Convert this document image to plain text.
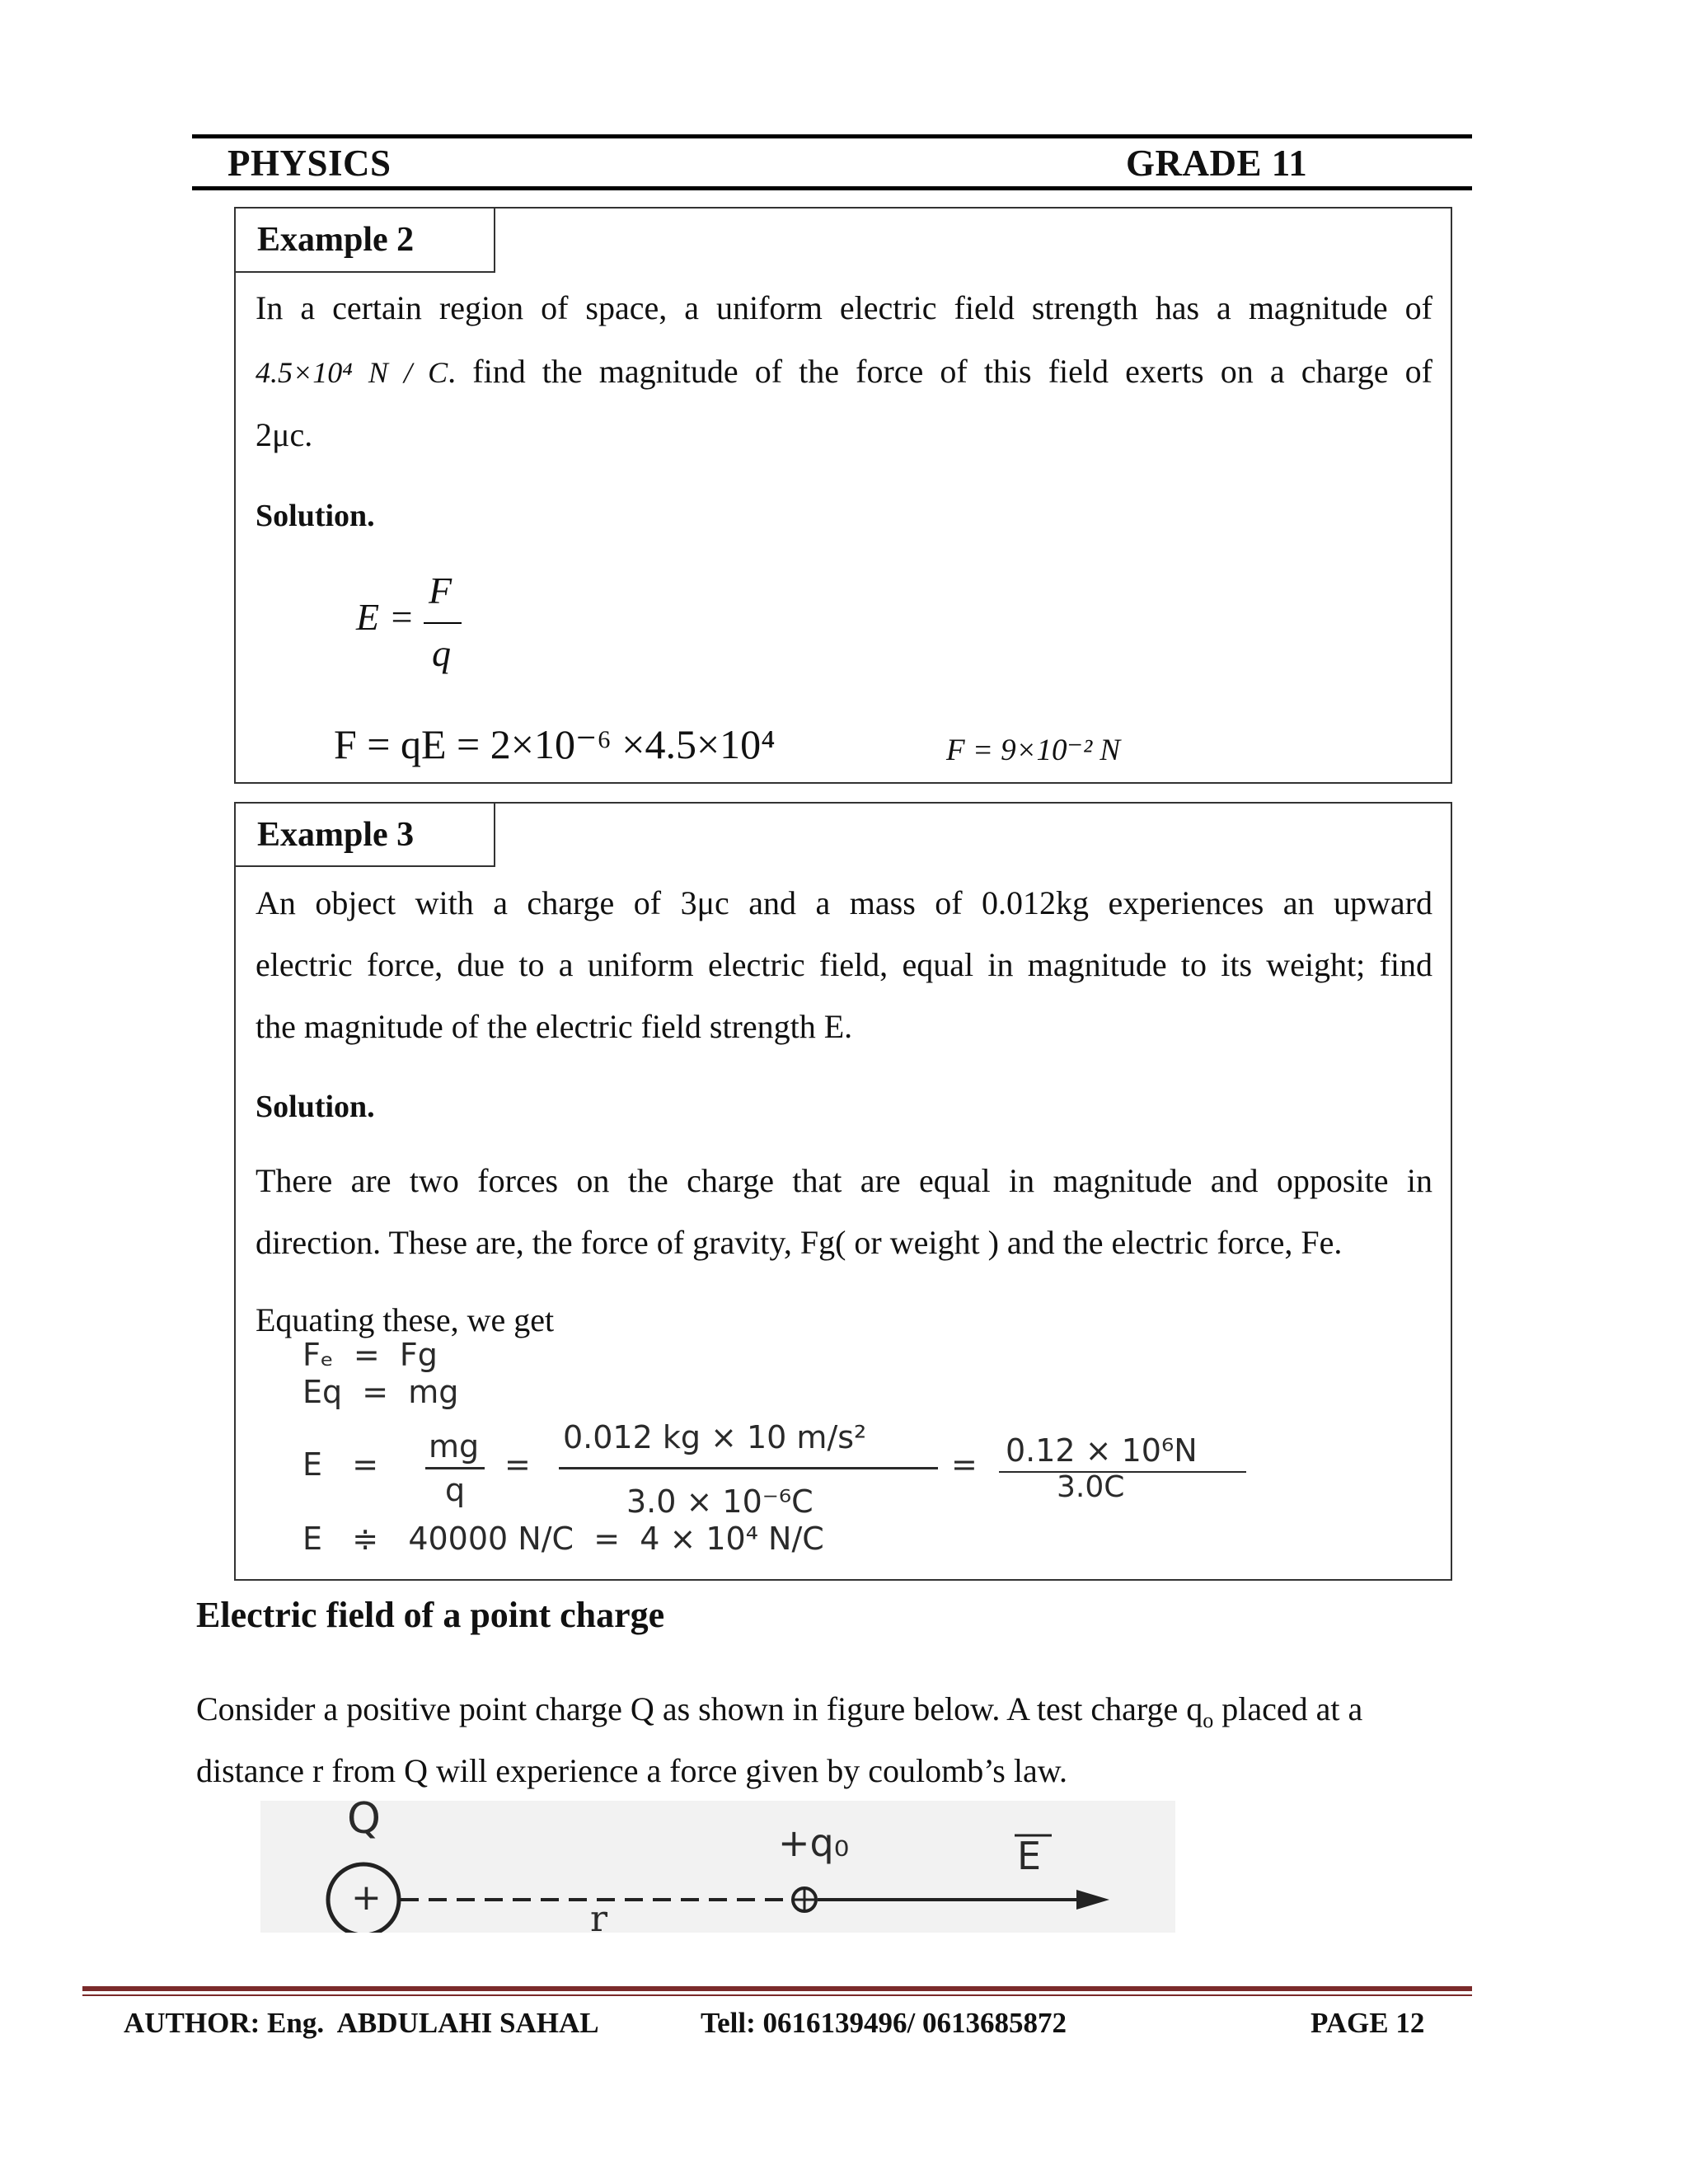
PHYSICS	GRADE 11
Example 2
In a certain region of space, a uniform electric field strength has a magnitude of
4.5×10⁴ N / C. find the magnitude of the force of this field exerts on a charge of
2μc.
Solution.
E =
F
q
F = qE = 2×10⁻⁶ ×4.5×10⁴	F = 9×10⁻² N
Example 3
An object with a charge of 3μc and a mass of 0.012kg experiences an upward
electric force, due to a uniform electric field, equal in magnitude to its weight; find
the magnitude of the electric field strength E.
Solution.
There are two forces on the charge that are equal in magnitude and opposite in
direction. These are, the force of gravity, Fg( or weight ) and the electric force, Fe.
Equating these, we get
Fₑ  =  Fg
Eq  =  mg
E   = mg
q
=
0.012 kg × 10 m/s²
3.0 × 10⁻⁶C
= 0.12 × 10⁶N
3.0C
E   ≑   40000 N/C  =  4 × 10⁴ N/C
Electric field of a point charge
Consider a positive point charge Q as shown in figure below. A test charge $q_o$ placed at a
distance r from Q will experience a force given by coulomb’s law.
Q
+
r
+q₀	E
AUTHOR: Eng.  ABDULAHI SAHAL	Tell: 0616139496/ 0613685872	PAGE 12
